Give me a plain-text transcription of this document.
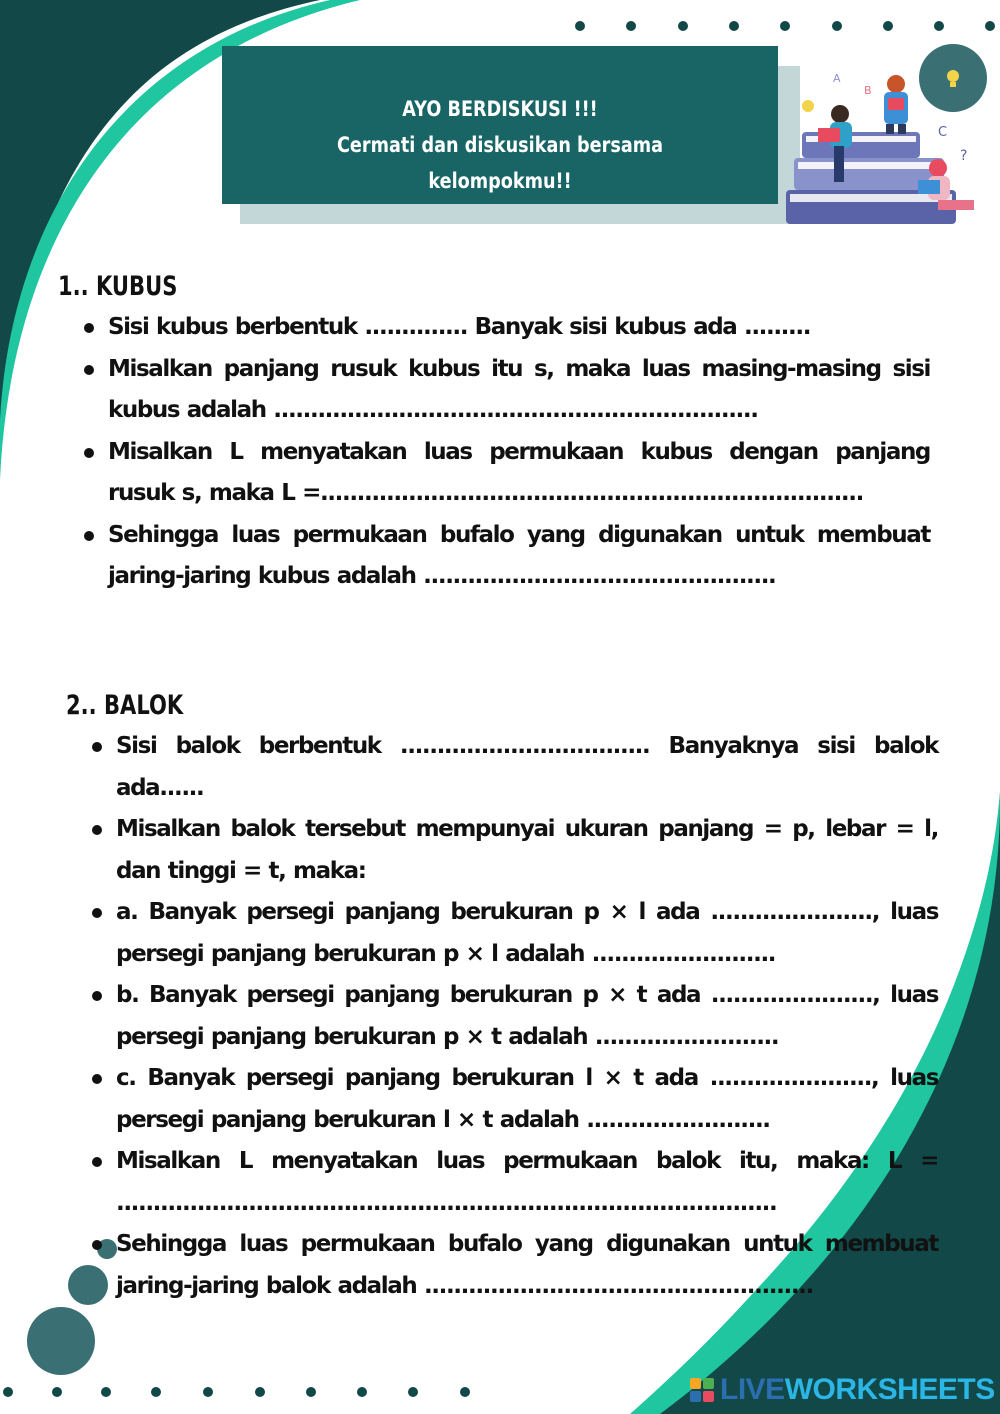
AYO BERDISKUSI !!!
Cermati dan diskusikan bersama kelompokmu!!
A
B
C
?
1.. KUBUS
Sisi kubus berbentuk .............. Banyak sisi kubus ada .........
Misalkan panjang rusuk kubus itu s, maka luas masing-masing sisi kubus adalah ..................................................................
Misalkan L menyatakan luas permukaan kubus dengan panjang rusuk s, maka L =..........................................................................
Sehingga luas permukaan bufalo yang digunakan untuk membuat jaring-jaring kubus adalah ................................................
2.. BALOK
Sisi balok berbentuk .................................. Banyaknya sisi balok ada......
Misalkan balok tersebut mempunyai ukuran panjang = p, lebar = l, dan tinggi = t, maka:
a. Banyak persegi panjang berukuran p × l ada ......................, luas persegi panjang berukuran p × l adalah .........................
b. Banyak persegi panjang berukuran p × t ada ......................, luas persegi panjang berukuran p × t adalah .........................
c. Banyak persegi panjang berukuran l × t ada ......................, luas persegi panjang berukuran l × t adalah .........................
Misalkan L menyatakan luas permukaan balok itu, maka: L = ..........................................................................................
Sehingga luas permukaan bufalo yang digunakan untuk membuat jaring-jaring balok adalah .....................................................
LIVE WORKSHEETS
